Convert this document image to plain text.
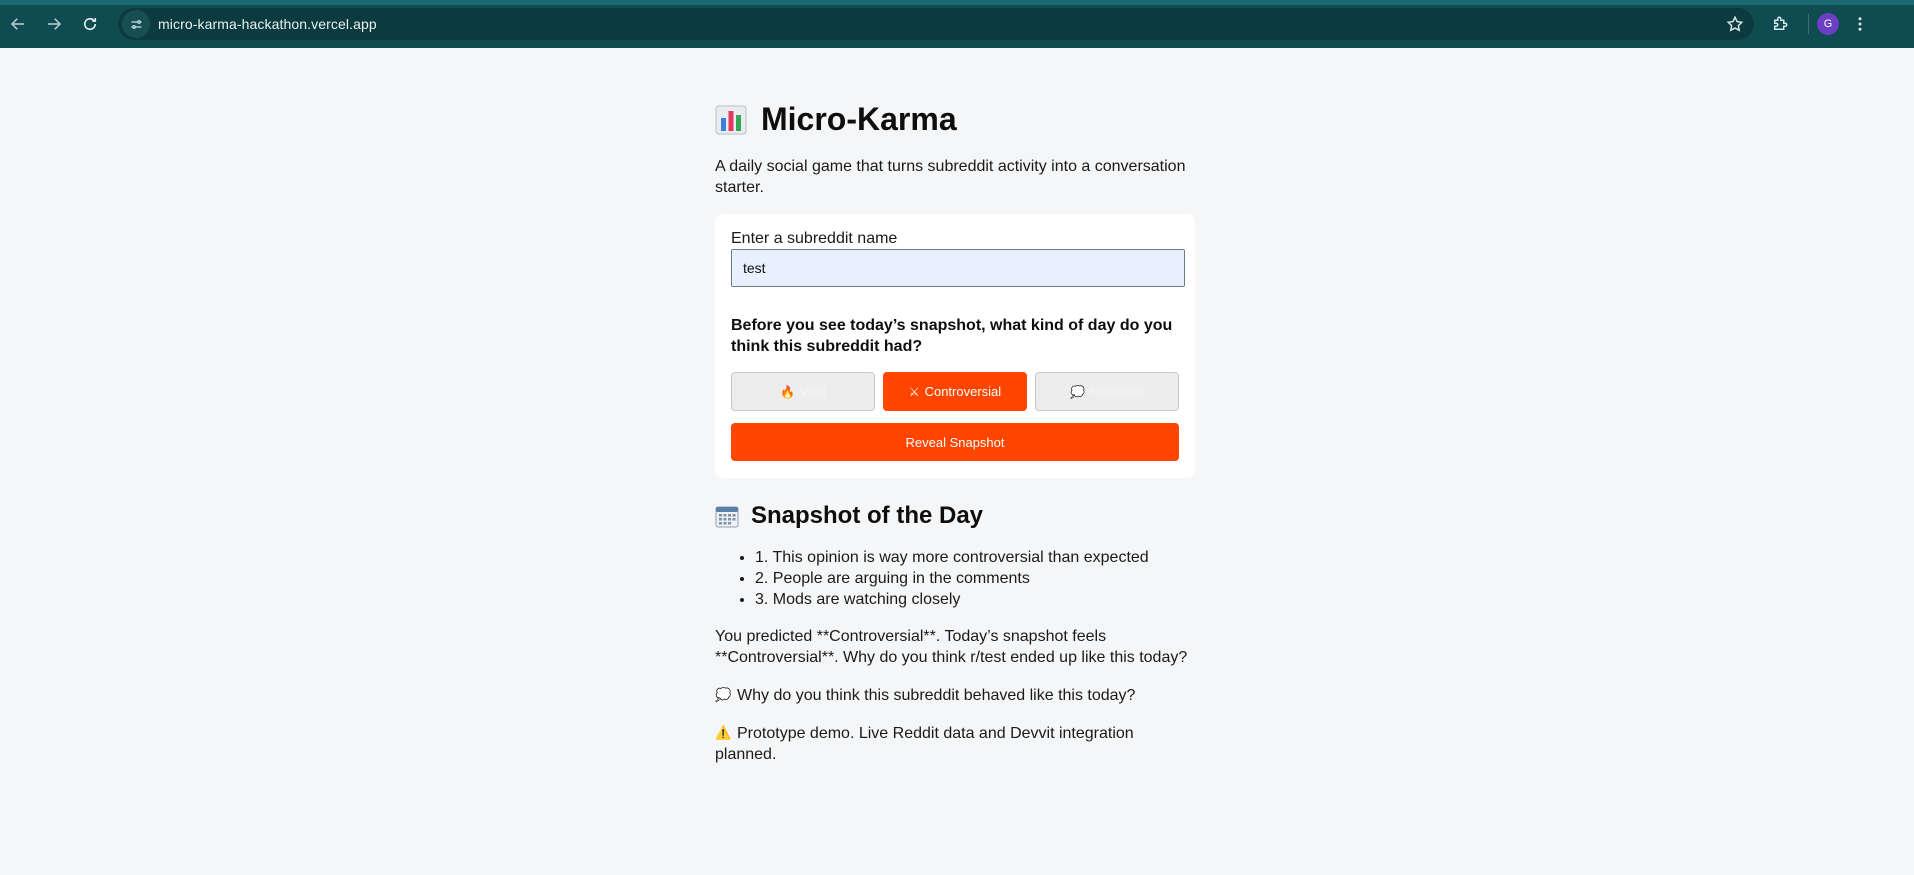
micro-karma-hackathon.vercel.app	G
Micro-Karma

A daily social game that turns subreddit activity into a conversation starter.

Enter a subreddit name
test

Before you see today’s snapshot, what kind of day do you think this subreddit had?

🔥 Viral	⚔ Controversial	💭 Nostalgic
Reveal Snapshot
Snapshot of the Day
• 1. This opinion is way more controversial than expected
• 2. People are arguing in the comments
• 3. Mods are watching closely

You predicted **Controversial**. Today’s snapshot feels **Controversial**. Why do you think r/test ended up like this today?

💭 Why do you think this subreddit behaved like this today?

⚠️ Prototype demo. Live Reddit data and Devvit integration planned.
